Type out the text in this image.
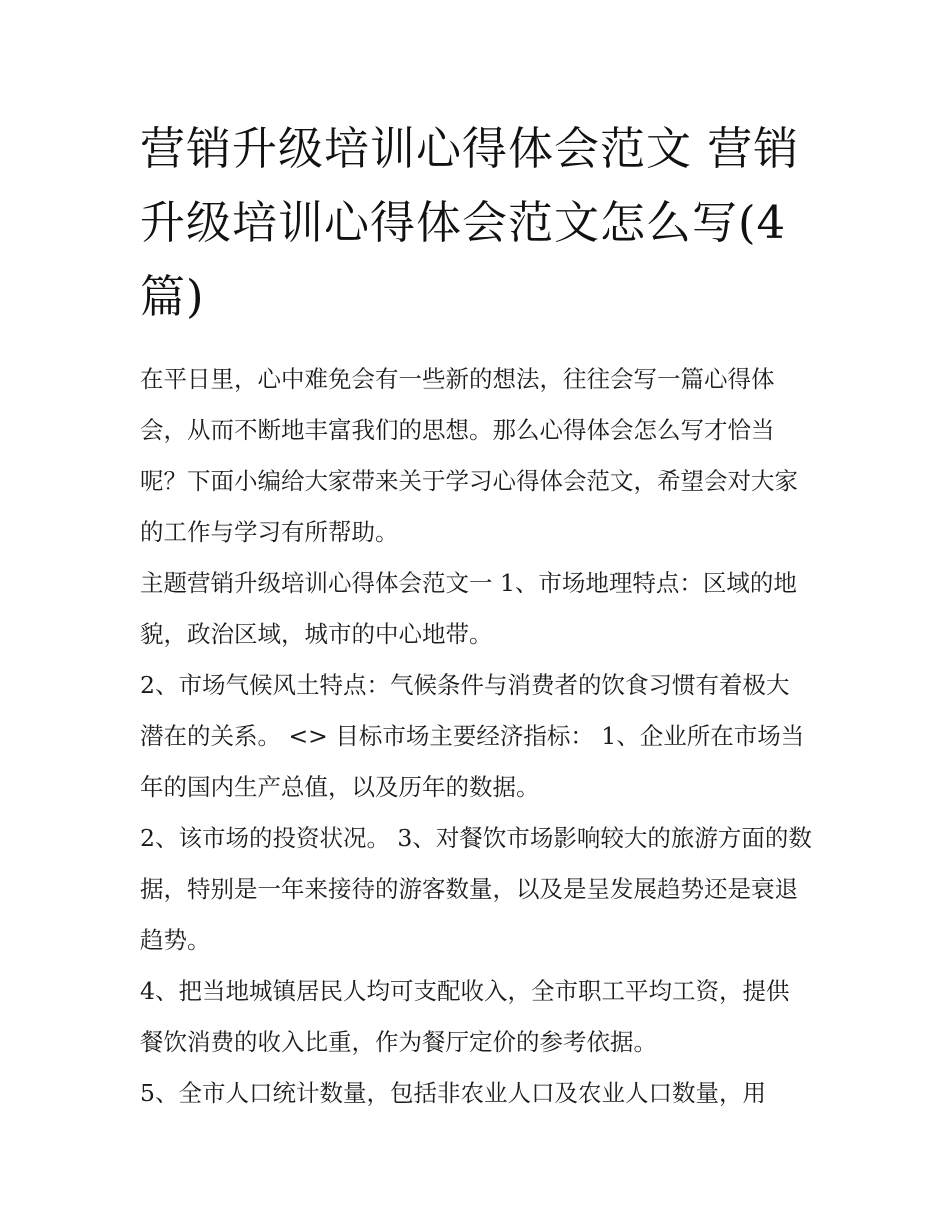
营销升级培训心得体会范文 营销升级培训心得体会范文怎么写(4篇)

在平日里，心中难免会有一些新的想法，往往会写一篇心得体会，从而不断地丰富我们的思想。那么心得体会怎么写才恰当呢？下面小编给大家带来关于学习心得体会范文，希望会对大家的工作与学习有所帮助。

主题营销升级培训心得体会范文一 1、市场地理特点：区域的地貌，政治区域，城市的中心地带。

2、市场气候风土特点：气候条件与消费者的饮食习惯有着极大潜在的关系。 <> 目标市场主要经济指标： 1、企业所在市场当年的国内生产总值，以及历年的数据。

2、该市场的投资状况。 3、对餐饮市场影响较大的旅游方面的数据，特别是一年来接待的游客数量，以及是呈发展趋势还是衰退趋势。

4、把当地城镇居民人均可支配收入，全市职工平均工资，提供餐饮消费的收入比重，作为餐厅定价的参考依据。

5、全市人口统计数量，包括非农业人口及农业人口数量，用
